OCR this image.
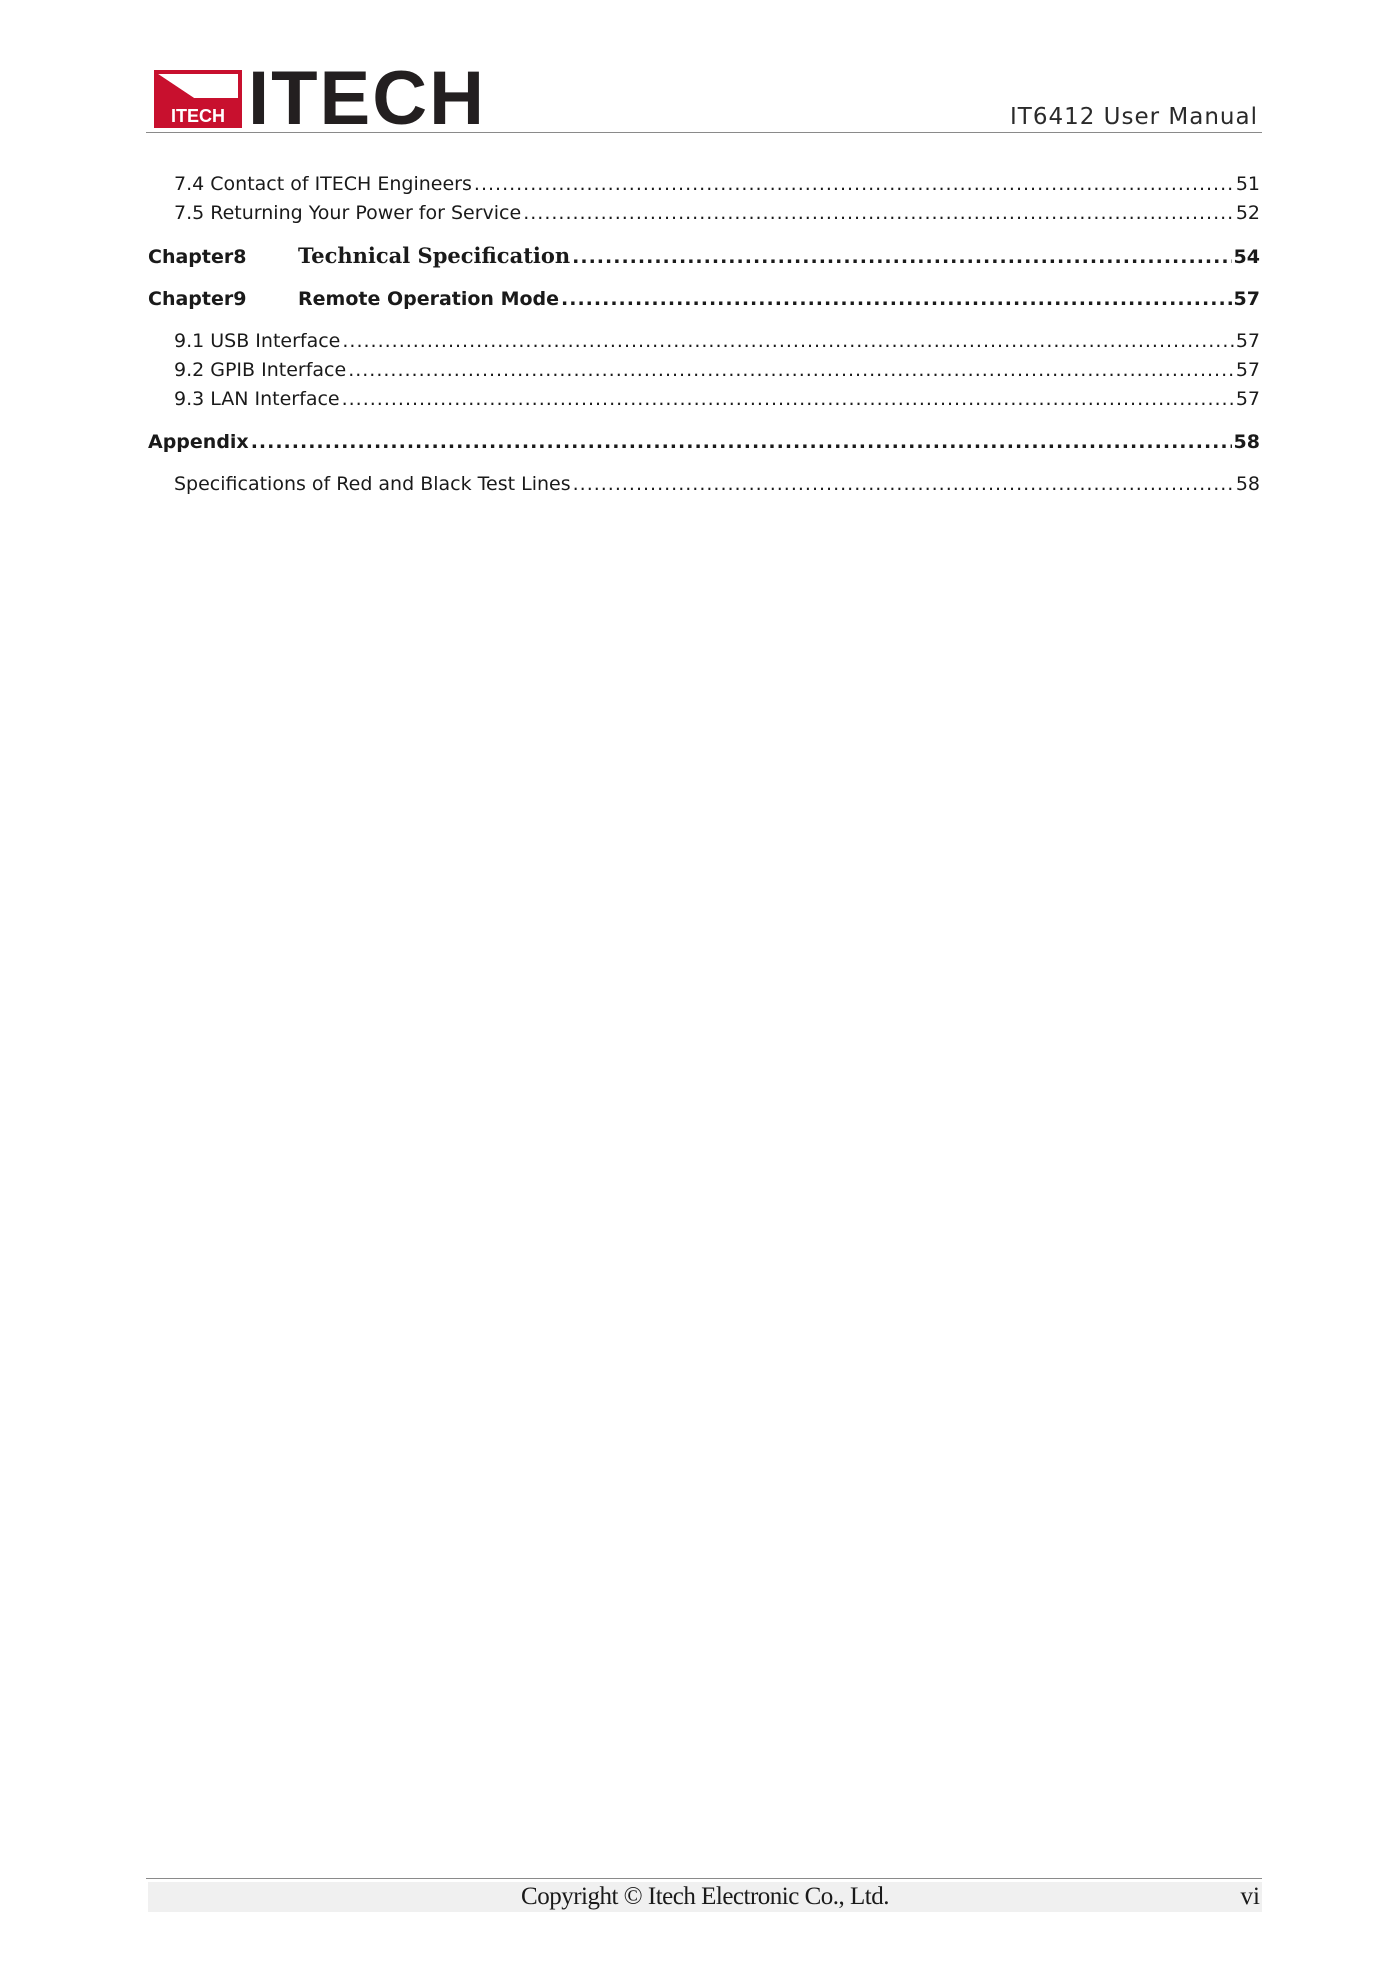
ITECH ITECH	IT6412 User Manual
7.4 Contact of ITECH Engineers .....	51
7.5 Returning Your Power for Service .....	52
Chapter8	Technical Specification .....	54
Chapter9	Remote Operation Mode .....	57
9.1 USB Interface .....	57
9.2 GPIB Interface .....	57
9.3 LAN Interface .....	57
Appendix .....	58
Specifications of Red and Black Test Lines .....	58
Copyright © Itech Electronic Co., Ltd.	vi
